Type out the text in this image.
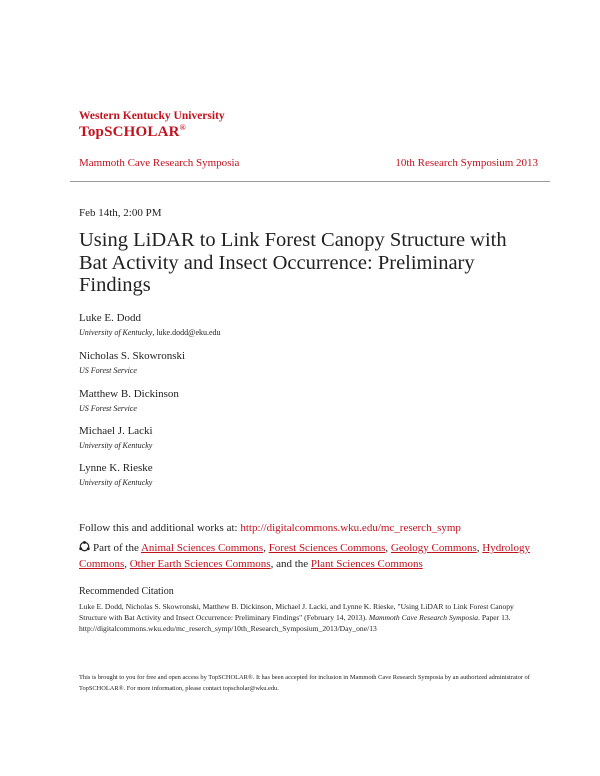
Western Kentucky University
TopSCHOLAR®
Mammoth Cave Research Symposia	10th Research Symposium 2013
Feb 14th, 2:00 PM
Using LiDAR to Link Forest Canopy Structure with Bat Activity and Insect Occurrence: Preliminary Findings
Luke E. Dodd
University of Kentucky, luke.dodd@eku.edu
Nicholas S. Skowronski
US Forest Service
Matthew B. Dickinson
US Forest Service
Michael J. Lacki
University of Kentucky
Lynne K. Rieske
University of Kentucky
Follow this and additional works at: http://digitalcommons.wku.edu/mc_reserch_symp
Part of the Animal Sciences Commons, Forest Sciences Commons, Geology Commons, Hydrology Commons, Other Earth Sciences Commons, and the Plant Sciences Commons
Recommended Citation
Luke E. Dodd, Nicholas S. Skowronski, Matthew B. Dickinson, Michael J. Lacki, and Lynne K. Rieske, "Using LiDAR to Link Forest Canopy Structure with Bat Activity and Insect Occurrence: Preliminary Findings" (February 14, 2013). Mammoth Cave Research Symposia. Paper 13.
http://digitalcommons.wku.edu/mc_reserch_symp/10th_Research_Symposium_2013/Day_one/13
This is brought to you for free and open access by TopSCHOLAR®. It has been accepted for inclusion in Mammoth Cave Research Symposia by an authorized administrator of TopSCHOLAR®. For more information, please contact topscholar@wku.edu.
